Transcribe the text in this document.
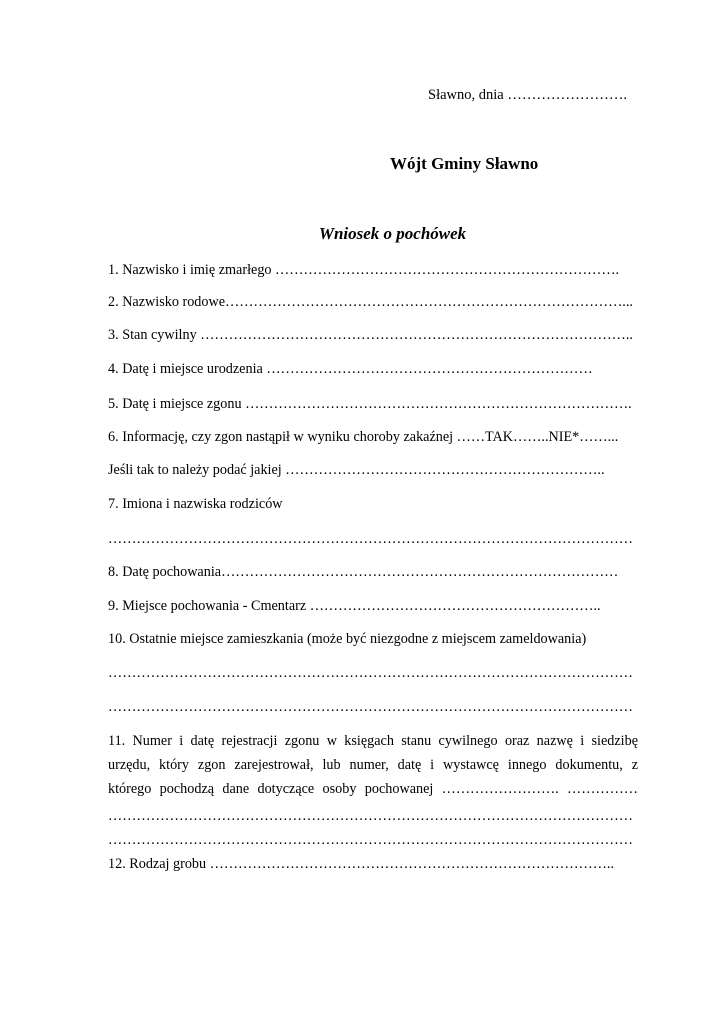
Sławno, dnia …………………….
Wójt Gminy Sławno
Wniosek o pochówek
1. Nazwisko i imię zmarłego ……………………………………………………………….
2. Nazwisko rodowe…………………………………………………………………………...
3. Stan cywilny ………………………………………………………………………………..
4. Datę i miejsce urodzenia ……………………………………………………………
5. Datę i miejsce zgonu ……………………………………………………………………….
6. Informację, czy zgon nastąpił w wyniku choroby zakaźnej ……TAK……..NIE*……...
Jeśli tak to należy podać jakiej …………………………………………………………..
7. Imiona i nazwiska rodziców
…………………………………………………………………………………………………
8. Datę pochowania…………………………………………………………………………
9. Miejsce pochowania - Cmentarz ……………………………………………………..
10. Ostatnie miejsce zamieszkania (może być niezgodne z miejscem zameldowania)
…………………………………………………………………………………………………
…………………………………………………………………………………………………
11. Numer i datę rejestracji zgonu w księgach stanu cywilnego oraz nazwę i siedzibę
urzędu, który zgon zarejestrował, lub numer, datę i wystawcę innego dokumentu, z
którego pochodzą dane dotyczące osoby pochowanej ……………………. ……………
…………………………………………………………………………………………………
…………………………………………………………………………………………………
12. Rodzaj grobu …………………………………………………………………………..
